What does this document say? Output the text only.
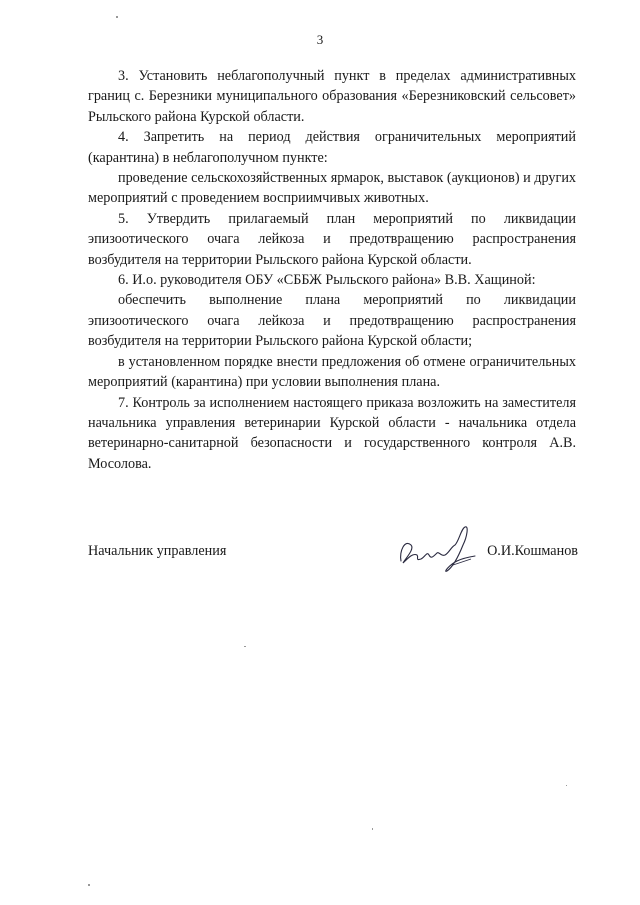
3

3. Установить неблагополучный пункт в пределах административных границ с. Березники муниципального образования «Березниковский сельсовет» Рыльского района Курской области.

4. Запретить на период действия ограничительных мероприятий (карантина) в неблагополучном пункте:

проведение сельскохозяйственных ярмарок, выставок (аукционов) и других мероприятий с проведением восприимчивых животных.

5. Утвердить прилагаемый план мероприятий по ликвидации эпизоотического очага лейкоза и предотвращению распространения возбудителя на территории Рыльского района Курской области.

6. И.о. руководителя ОБУ «СББЖ Рыльского района» В.В. Хащиной:

обеспечить выполнение плана мероприятий по ликвидации эпизоотического очага лейкоза и предотвращению распространения возбудителя на территории Рыльского района Курской области;

в установленном порядке внести предложения об отмене ограничительных мероприятий (карантина) при условии выполнения плана.

7. Контроль за исполнением настоящего приказа возложить на заместителя начальника управления ветеринарии Курской области - начальника отдела ветеринарно-санитарной безопасности и государственного контроля А.В. Мосолова.

Начальник управления	О.И.Кошманов
